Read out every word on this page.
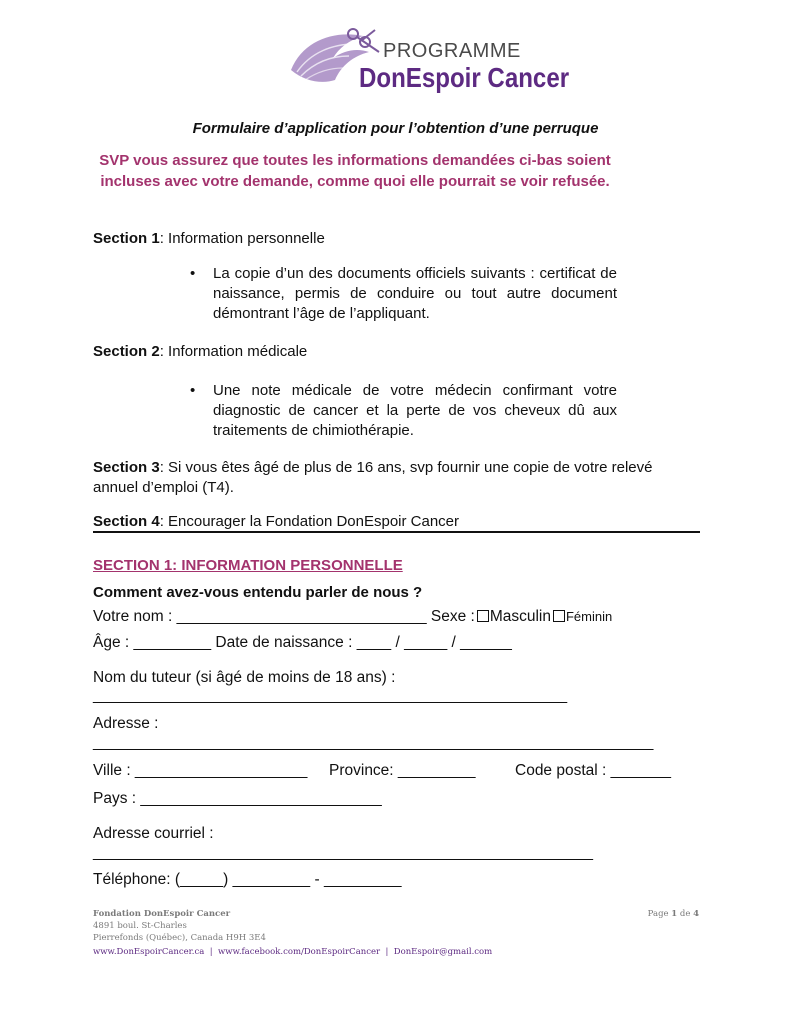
PROGRAMME
DonEspoir Cancer
Formulaire d’application pour l’obtention d’une perruque
SVP vous assurez que toutes les informations demandées ci-bas soient incluses avec votre demande, comme quoi elle pourrait se voir refusée.
Section 1: Information personnelle
• La copie d’un des documents officiels suivants : certificat de naissance, permis de conduire ou tout autre document démontrant l’âge de l’appliquant.
Section 2: Information médicale
• Une note médicale de votre médecin confirmant votre diagnostic de cancer et la perte de vos cheveux dû aux traitements de chimiothérapie.
Section 3: Si vous êtes âgé de plus de 16 ans, svp fournir une copie de votre relevé annuel d’emploi (T4).
Section 4: Encourager la Fondation DonEspoir Cancer
SECTION 1: INFORMATION PERSONNELLE
Comment avez-vous entendu parler de nous ?
Votre nom : _____________________________ Sexe : Masculin Féminin
Âge : _________ Date de naissance : ____ / _____ / ______
Nom du tuteur (si âgé de moins de 18 ans) :
_______________________________________________________
Adresse :
_________________________________________________________________
Ville : ____________________ Province: _________	Code postal : _______
Pays : ____________________________
Adresse courriel :
__________________________________________________________
Téléphone: (_____) _________ - _________
Fondation DonEspoir Cancer
4891 boul. St-Charles
Pierrefonds (Québec), Canada H9H 3E4
www.DonEspoirCancer.ca  |  www.facebook.com/DonEspoirCancer  |  DonEspoir@gmail.com
Page 1 de 4
